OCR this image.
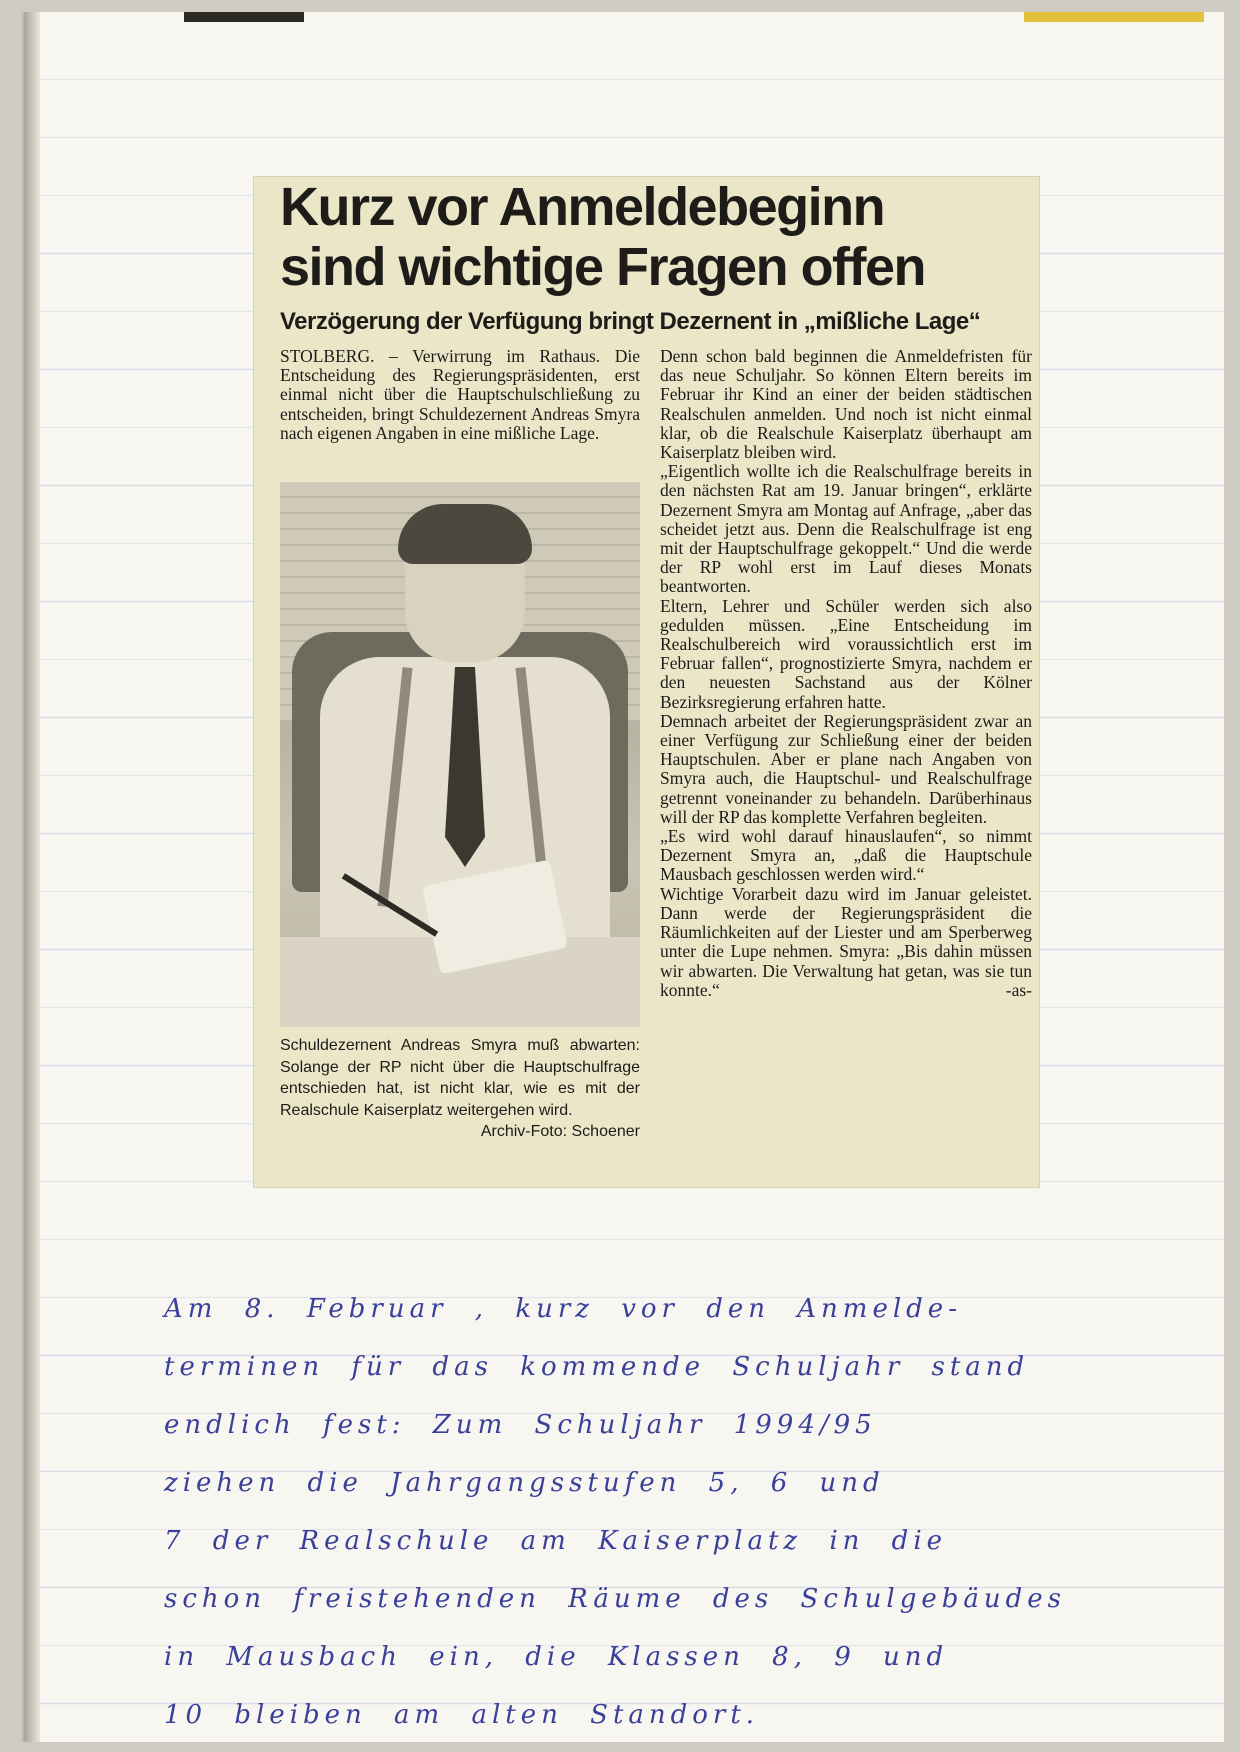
Kurz vor Anmeldebeginn
sind wichtige Fragen offen
Verzögerung der Verfügung bringt Dezernent in „mißliche Lage“

STOLBERG. – Verwirrung im Rathaus. Die Entscheidung des Regierungspräsidenten, erst einmal nicht über die Hauptschulschließung zu entscheiden, bringt Schuldezernent Andreas Smyra nach eigenen Angaben in eine mißliche Lage.

Schuldezernent Andreas Smyra muß abwarten: Solange der RP nicht über die Hauptschulfrage entschieden hat, ist nicht klar, wie es mit der Realschule Kaiserplatz weitergehen wird.
Archiv-Foto: Schoener

Denn schon bald beginnen die Anmeldefristen für das neue Schuljahr. So können Eltern bereits im Februar ihr Kind an einer der beiden städtischen Realschulen anmelden. Und noch ist nicht einmal klar, ob die Realschule Kaiserplatz überhaupt am Kaiserplatz bleiben wird.

„Eigentlich wollte ich die Realschulfrage bereits in den nächsten Rat am 19. Januar bringen“, erklärte Dezernent Smyra am Montag auf Anfrage, „aber das scheidet jetzt aus. Denn die Realschulfrage ist eng mit der Hauptschulfrage gekoppelt.“ Und die werde der RP wohl erst im Lauf dieses Monats beantworten.

Eltern, Lehrer und Schüler werden sich also gedulden müssen. „Eine Entscheidung im Realschulbereich wird voraussichtlich erst im Februar fallen“, prognostizierte Smyra, nachdem er den neuesten Sachstand aus der Kölner Bezirksregierung erfahren hatte.

Demnach arbeitet der Regierungspräsident zwar an einer Verfügung zur Schließung einer der beiden Hauptschulen. Aber er plane nach Angaben von Smyra auch, die Hauptschul- und Realschulfrage getrennt voneinander zu behandeln. Darüberhinaus will der RP das komplette Verfahren begleiten.

„Es wird wohl darauf hinauslaufen“, so nimmt Dezernent Smyra an, „daß die Hauptschule Mausbach geschlossen werden wird.“

Wichtige Vorarbeit dazu wird im Januar geleistet. Dann werde der Regierungspräsident die Räumlichkeiten auf der Liester und am Sperberweg unter die Lupe nehmen. Smyra: „Bis dahin müssen wir abwarten. Die Verwaltung hat getan, was sie tun konnte.“	-as-

Am 8. Februar , kurz vor den Anmelde-

terminen für das kommende Schuljahr stand

endlich fest: Zum Schuljahr 1994/95

ziehen die Jahrgangsstufen 5, 6 und

7 der Realschule am Kaiserplatz in die

schon freistehenden Räume des Schulgebäudes

in Mausbach ein, die Klassen 8, 9 und

10 bleiben am alten Standort.
